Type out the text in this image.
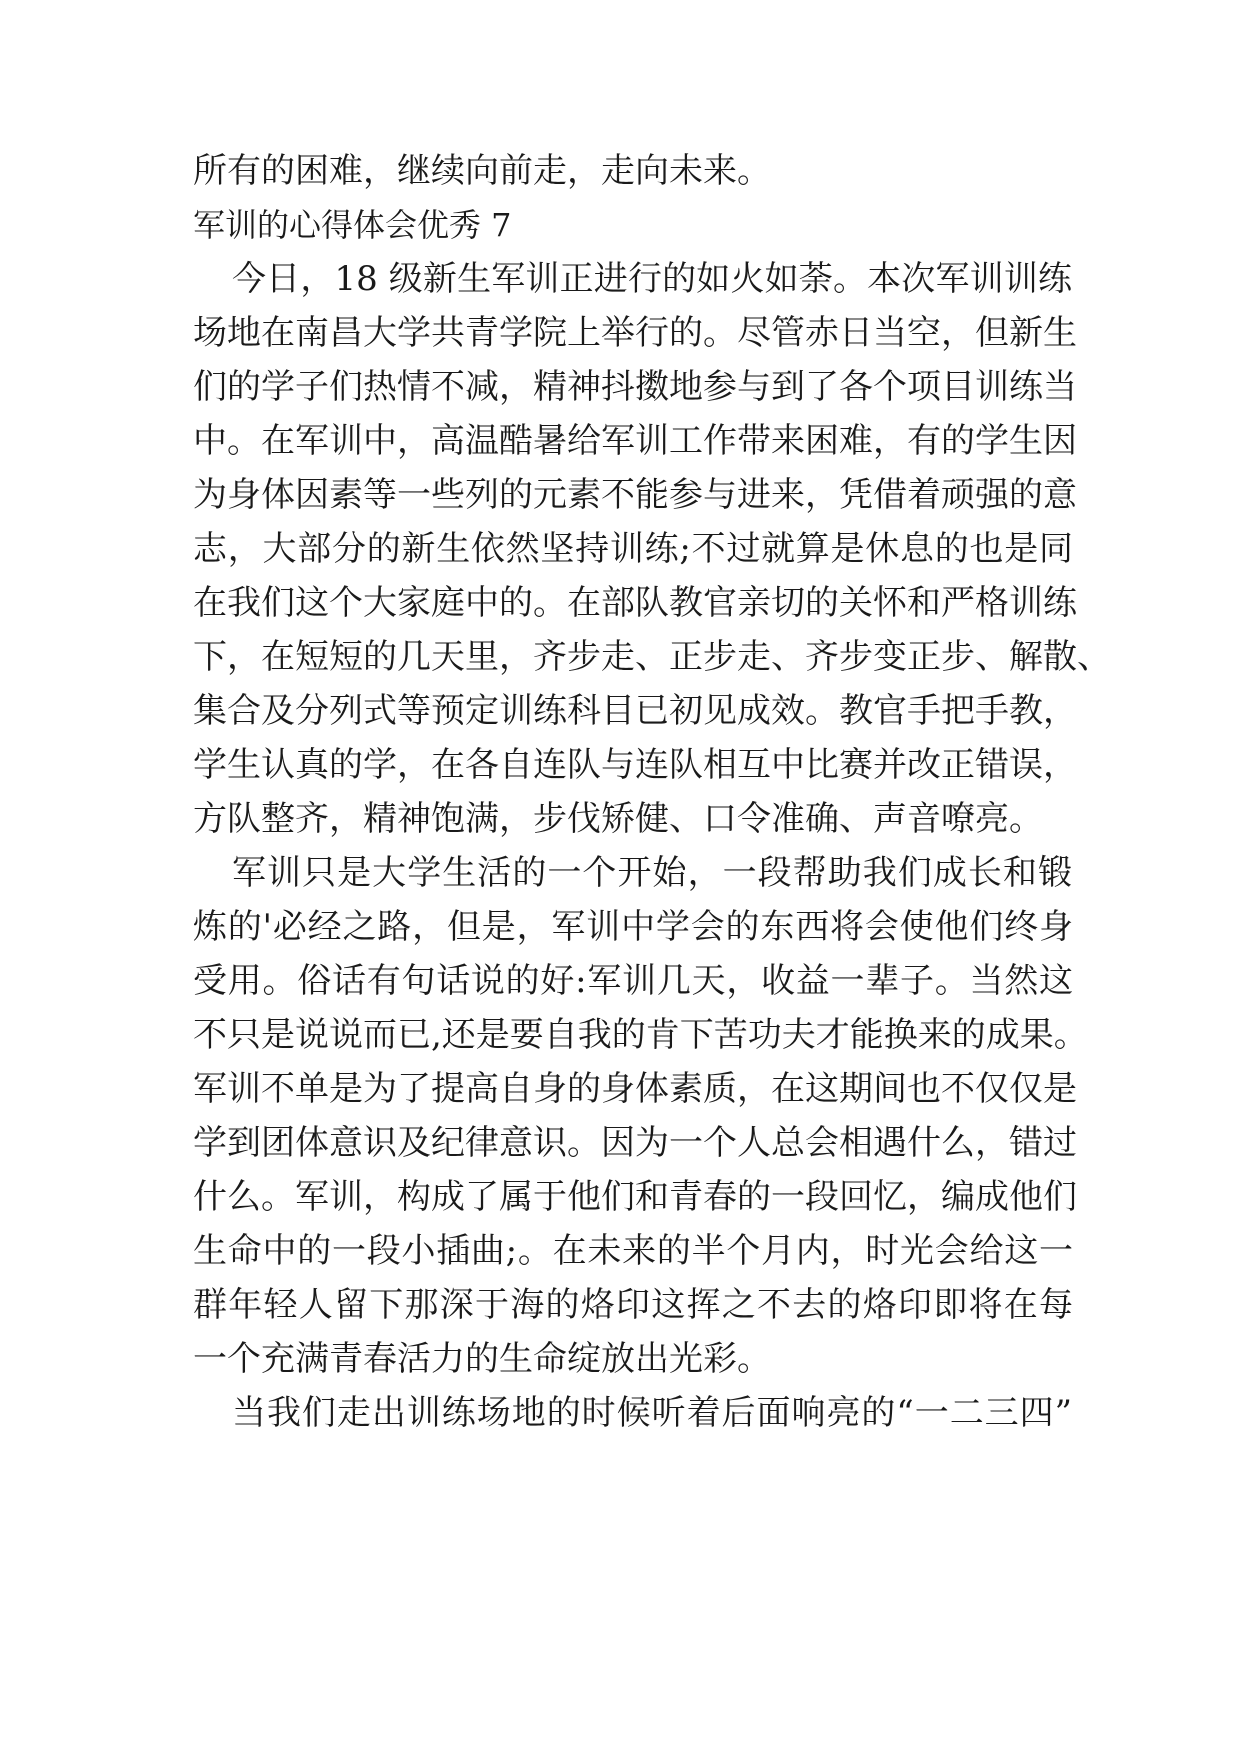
所有的困难，继续向前走，走向未来。

军训的心得体会优秀 7

今日，18 级新生军训正进行的如火如荼。本次军训训练

场地在南昌大学共青学院上举行的。尽管赤日当空，但新生

们的学子们热情不减，精神抖擞地参与到了各个项目训练当

中。在军训中，高温酷暑给军训工作带来困难，有的学生因

为身体因素等一些列的元素不能参与进来，凭借着顽强的意

志，大部分的新生依然坚持训练;不过就算是休息的也是同

在我们这个大家庭中的。在部队教官亲切的关怀和严格训练

下，在短短的几天里，齐步走、正步走、齐步变正步、解散、

集合及分列式等预定训练科目已初见成效。教官手把手教，

学生认真的学，在各自连队与连队相互中比赛并改正错误，

方队整齐，精神饱满，步伐矫健、口令准确、声音嘹亮。

军训只是大学生活的一个开始，一段帮助我们成长和锻

炼的'必经之路，但是，军训中学会的东西将会使他们终身

受用。俗话有句话说的好:军训几天，收益一辈子。当然这

不只是说说而已,还是要自我的肯下苦功夫才能换来的成果。

军训不单是为了提高自身的身体素质，在这期间也不仅仅是

学到团体意识及纪律意识。因为一个人总会相遇什么，错过

什么。军训，构成了属于他们和青春的一段回忆，编成他们

生命中的一段小插曲;。在未来的半个月内，时光会给这一

群年轻人留下那深于海的烙印这挥之不去的烙印即将在每

一个充满青春活力的生命绽放出光彩。

当我们走出训练场地的时候听着后面响亮的“一二三四”
